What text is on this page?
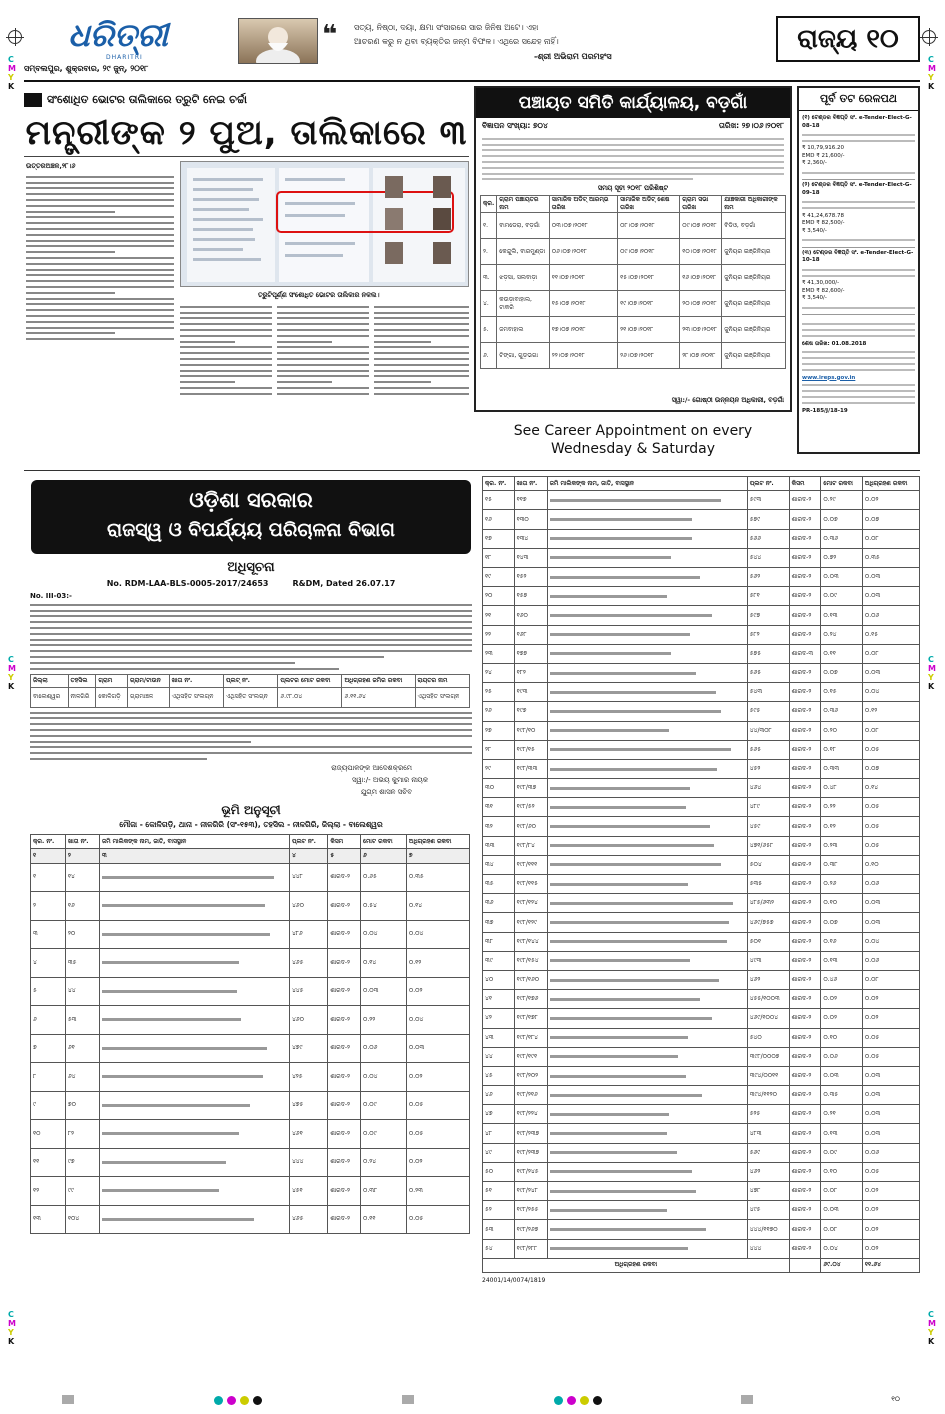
C
M
Y
K
C
M
Y
K
C
M
Y
K
C
M
Y
K
C
M
Y
K
C
M
Y
K
ଧରିତ୍ରୀ
DHARITRI
❝ ସତ୍ୟ, ନିଷ୍ଠା, ଦୟା, କ୍ଷମା ସଂସାରରେ ସାର ଜିନିଷ ଅଟେ। ଏହା
ଆଚରଣ କରୁ ନ ଥିବା ବ୍ୟକ୍ତିର ଜନ୍ମ ବିଫଳ। ଏଥିରେ ସନ୍ଦେହ ନାହିଁ।
-ଶ୍ରୀ ଅଭିରାମ ପରମହଂସ
ରାଜ୍ୟ ୧୦
ସମ୍ବଲପୁର, ଶୁକ୍ରବାର, ୨୯ ଜୁନ୍, ୨୦୧୮
ସଂଶୋଧିତ ଭୋଟର ତାଲିକାରେ ତ୍ରୁଟି ନେଇ ଚର୍ଚ୍ଚା
ମନ୍ତ୍ରୀଙ୍କ ୨ ପୁଅ, ତାଲିକାରେ ୩
ଉତ୍ତରଅଞ୍ଚଳ,୨୮।୬
ତ୍ରୁଟିପୂର୍ଣ୍ଣ ସଂଶୋଧିତ ଭୋଟର ତାଲିକାର ନକଲ।
ପଞ୍ଚାୟତ ସମିତି କାର୍ଯ୍ୟାଳୟ, ବଡ଼ଗାଁ
ବିଜ୍ଞାପନ ସଂଖ୍ୟା: ୭୦୪	ତାରିଖ: ୨୭।୦୬।୨୦୧୮
ସମୟ ସୂଚୀ ୨୦୧୮ ପରିଶିଷ୍ଟ
କ୍ର.	ଗ୍ରାମ ପଞ୍ଚାୟତର ନାମ	ସାମାଜିକ ଅଡିଟ୍ ଆରମ୍ଭ ତାରିଖ	ସାମାଜିକ ଅଡିଟ୍ ଶେଷ ତାରିଖ	ଗ୍ରାମ ସଭା ତାରିଖ	ଯାଞ୍ଚକାରୀ ଅଧିକାରୀଙ୍କ ନାମ
୧.	ବାମଡେରା, ବଡ଼ଗାଁ	୦୩।୦୭।୨୦୧୮	୦୮।୦୭।୨୦୧୮	୦୯।୦୭।୨୦୧୮	ବିଡିଓ, ବଡ଼ଗାଁ
୨.	କେନ୍ଦୁଲି, ବାରମୁଣ୍ଡା	୦୬।୦୭।୨୦୧୮	୦୯।୦୭।୨୦୧୮	୧୦।୦୭।୨୦୧୮	ଜୁନିୟର ଇଞ୍ଜିନିୟର
୩.	ଝଡ଼ସା, ସଲବାଡ଼ା	୧୧।୦୭।୨୦୧୮	୧୫।୦୭।୨୦୧୮	୧୬।୦୭।୨୦୧୮	ଜୁନିୟର ଇଞ୍ଜିନିୟର
୪.	କଉଡ଼ାବାହାଲ, ଟାକରି	୧୫।୦୭।୨୦୧୮	୧୯।୦୭।୨୦୧୮	୨୦।୦୭।୨୦୧୮	ଜୁନିୟର ଇଞ୍ଜିନିୟର
୫.	ଜମବାହାଲ	୧୭।୦୭।୨୦୧୮	୨୧।୦୭।୨୦୧୮	୨୩।୦୭।୨୦୧୮	ଜୁନିୟର ଇଞ୍ଜିନିୟର
୬.	ଟିଙ୍ଗା, ଗୁଡ଼ଭଗା	୨୨।୦୭।୨୦୧୮	୨୬।୦୭।୨୦୧୮	୨୮।୦୭।୨୦୧୮	ଜୁନିୟର ଇଞ୍ଜିନିୟର
ସ୍ୱା:/- ଗୋଷ୍ଠୀ ଉନ୍ନୟନ ଅଧିକାରୀ, ବଡ଼ଗାଁ
See Career Appointment on every
Wednesday & Saturday
ପୂର୍ବ ତଟ ରେଳପଥ
(୧) ଟେଣ୍ଡର ବିଜ୍ଞପ୍ତି ସଂ. e-Tender-Elect-G-08-18
₹ 10,79,916.20
EMD ₹ 21,600/-
₹ 2,360/-
(୨) ଟେଣ୍ଡର ବିଜ୍ଞପ୍ତି ସଂ. e-Tender-Elect-G-09-18
₹ 41,24,678.78
EMD ₹ 82,500/-
₹ 3,540/-
(୩) ଟେଣ୍ଡର ବିଜ୍ଞପ୍ତି ସଂ. e-Tender-Elect-G-10-18
₹ 41,30,000/-
EMD ₹ 82,600/-
₹ 3,540/-
ଶେଷ ତାରିଖ: 01.08.2018
www.ireps.gov.in
PR-185/J/18-19
ଓଡ଼ିଶା ସରକାର
ରାଜସ୍ୱ ଓ ବିପର୍ଯ୍ୟୟ ପରିଚାଳନା ବିଭାଗ
ଅଧିସୂଚନା
No. RDM-LAA-BLS-0005-2017/24653	R&DM, Dated 26.07.17
No. III-03:-
ଜିଲ୍ଲା	ତହସିଲ	ଗ୍ରାମ	ଗ୍ରାମ/ଟାଉନ	ଖାତା ନଂ.	ପ୍ଲଟ୍ ନଂ.	ପ୍ଲଟର ମୋଟ ରକବା	ଅଧିଗ୍ରହଣ ଜମିର ରକବା	ରାୟତର ନାମ
ବାଲେଶ୍ୱର	ନୀଳଗିରି	କୋଳିଗଡ଼ି	ଗ୍ରାମାଞ୍ଚଳ	ଏଥିସହିତ ସଂଲଗ୍ନ	ଏଥିସହିତ ସଂଲଗ୍ନ	୬.୯୮.୦୪	୬.୧୧.୬୪	ଏଥିସହିତ ସଂଲଗ୍ନ
ରାଜ୍ୟପାଳଙ୍କ ଆଦେଶକ୍ରମେ
ସ୍ୱା:/- ଅଭୟ କୁମାର ନାୟକ
ଯୁଗ୍ମ ଶାସନ ସଚିବ
ଭୂମି ଅନୁସୂଚୀ
ମୌଜା - କୋଳିଗଡ଼ି, ଥାନା - ନୀଳଗିରି (ସଂ-୧୫୩), ତହସିଲ - ନୀଳଗିରି, ଜିଲ୍ଲା - ବାଲେଶ୍ୱର
କ୍ର. ନଂ.	ଖାତା ନଂ.	ଜମି ମାଲିକଙ୍କ ନାମ, ଜାତି, ବାସସ୍ଥାନ	ପ୍ଲଟ ନଂ.	କିସମ	ମୋଟ ରକବା	ଅଧିଗ୍ରହଣ ରକବା
୧	୨	୩	୪	୫	୬	୭
୧	୧୪		୪୪୮	ଶାରଦ-୨	୦.୬୫	୦.୩୫
୨	୧୬		୪୬୦	ଶାରଦ-୨	୦.୫୪	୦.୧୪
୩	୨୦		୪୮୬	ଶାରଦ-୨	୦.୦୪	୦.୦୪
୪	୩୫		୪୬୫	ଶାରଦ-୨	୦.୧୪	୦.୧୨
୫	୪୪		୪୪୫	ଶାରଦ-୨	୦.୦୩	୦.୦୨
୬	୫୩		୪୬୦	ଶାରଦ-୨	୦.୨୨	୦.୦୪
୭	୬୧		୪୭୯	ଶାରଦ-୨	୦.୦୬	୦.୦୩
୮	୬୪		୪୨୫	ଶାରଦ-୨	୦.୦୪	୦.୦୨
୯	୭୦		୪୭୫	ଶାରଦ-୨	୦.୦୯	୦.୦୫
୧୦	୮୨		୪୬୧	ଶାରଦ-୨	୦.୦୯	୦.୦୫
୧୧	୯୭		୪୪୪	ଶାରଦ-୨	୦.୨୪	୦.୦୨
୧୨	୯୯		୪୫୧	ଶାରଦ-୨	୦.୩୮	୦.୨୩
୧୩	୧୦୪		୪୬୫	ଶାରଦ-୨	୦.୧୧	୦.୦୫
କ୍ର. ନଂ.	ଖାତା ନଂ.	ଜମି ମାଲିକଙ୍କ ନାମ, ଜାତି, ବାସସ୍ଥାନ	ପ୍ଲଟ ନଂ.	କିସମ	ମୋଟ ରକବା	ଅଧିଗ୍ରହଣ ରକବା
୧୫	୧୧୭		୫୯୩	ଶାରଦ-୨	୦.୨୯	୦.୦୨
୧୬	୧୩୦		୫୭୯	ଶାରଦ-୨	୦.୦୭	୦.୦୭
୧୭	୧୩୪		୫୬୬	ଶାରଦ-୨	୦.୩୬	୦.୦୮
୧୮	୧୪୩		୫୪୪	ଶାରଦ-୨	୦.୭୨	୦.୩୫
୧୯	୧୫୨		୫୬୨	ଶାରଦ-୨	୦.୦୩	୦.୦୩
୨୦	୧୫୭		୫୮୧	ଶାରଦ-୨	୦.୦୯	୦.୦୩
୨୧	୧୬୦		୫୯୭	ଶାରଦ-୨	୦.୧୩	୦.୦୬
୨୨	୧୬୮		୫୮୨	ଶାରଦ-୨	୦.୨୪	୦.୧୫
୨୩	୧୭୭		୫୭୫	ଶାରଦ-୩	୦.୧୧	୦.୦୮
୨୪	୧୮୨		୫୬୫	ଶାରଦ-୨	୦.୦୭	୦.୦୩
୨୫	୧୯୩		୫୪୩	ଶାରଦ-୨	୦.୧୫	୦.୦୪
୨୬	୧୯୭		୫୯୫	ଶାରଦ-୨	୦.୩୬	୦.୧୨
୨୭	୧୯୮/୧୦		୪୪/୩୦୮	ଶାରଦ-୨	୦.୨୦	୦.୦୮
୨୮	୧୯୮/୧୫		୫୬୫	ଶାରଦ-୨	୦.୧୮	୦.୦୫
୨୯	୧୯୮/୩୩		୪୫୨	ଶାରଦ-୨	୦.୩୩	୦.୦୭
୩୦	୧୯୮/୩୭		୪୬୪	ଶାରଦ-୨	୦.୪୮	୦.୧୪
୩୧	୧୯୮/୫୨		୪୮୯	ଶାରଦ-୨	୦.୨୨	୦.୦୫
୩୨	୧୯୮/୬୦		୪୫୯	ଶାରଦ-୨	୦.୧୨	୦.୦୫
୩୩	୧୯୮/୮୪		୪୭୧/୬୫୮	ଶାରଦ-୨	୦.୨୩	୦.୦୫
୩୪	୧୯୮/୧୧୧		୫୦୪	ଶାରଦ-୨	୦.୩୮	୦.୧୦
୩୫	୧୯୮/୧୧୫		୫୩୫	ଶାରଦ-୨	୦.୨୬	୦.୦୬
୩୬	୧୯୮/୧୨୪		୪୮୫/୬୩୨	ଶାରଦ-୨	୦.୧୦	୦.୦୩
୩୭	୧୯୮/୧୨୯		୪୬୯/୭୫୭	ଶାରଦ-୨	୦.୦୭	୦.୦୩
୩୮	୧୯୮/୧୪୪		୫୦୧	ଶାରଦ-୨	୦.୧୬	୦.୦୪
୩୯	୧୯୮/୧୫୪		୪୯୩	ଶାରଦ-୨	୦.୧୩	୦.୦୬
୪୦	୧୯୮/୧୬୦		୪୬୨	ଶାରଦ-୨	୦.୪୬	୦.୦୮
୪୧	୧୯୮/୧୭୬		୪୫୫/୧୦୦୩	ଶାରଦ-୨	୦.୦୨	୦.୦୨
୪୨	୧୯୮/୧୭୮		୪୬୯/୧୦୦୪	ଶାରଦ-୨	୦.୦୨	୦.୦୨
୪୩	୧୯୮/୧୮୪		୫୪୦	ଶାରଦ-୨	୦.୧୦	୦.୦୫
୪୪	୧୯୮/୧୯୧		୩୯୮/୦୦୦୭	ଶାରଦ-୨	୦.୦୬	୦.୦୫
୪୫	୧୯୮/୨୦୨		୩୯୪/୦୦୧୧	ଶାରଦ-୨	୦.୦୩	୦.୦୩
୪୬	୧୯୮/୨୧୬		୩୯୪/୧୧୨୦	ଶାରଦ-୨	୦.୩୫	୦.୦୩
୪୭	୧୯୮/୨୨୪		୫୨୫	ଶାରଦ-୨	୦.୨୧	୦.୦୩
୪୮	୧୯୮/୨୩୭		୪୮୩	ଶାରଦ-୨	୦.୧୩	୦.୦୩
୪୯	୧୯୮/୨୩୭		୫୬୯	ଶାରଦ-୨	୦.୦୯	୦.୦୬
୫୦	୧୯୮/୨୪୫		୪୬୨	ଶାରଦ-୨	୦.୧୦	୦.୦୫
୫୧	୧୯୮/୨୪୮		୪୭୮	ଶାରଦ-୨	୦.୦୮	୦.୦୨
୫୨	୧୯୮/୨୫୫		୪୯୫	ଶାରଦ-୨	୦.୦୩	୦.୦୨
୫୩	୧୯୮/୨୬୭		୪୪୪/୧୧୭୦	ଶାରଦ-୨	୦.୦୮	୦.୦୨
୫୪	୧୯୮/୨୮୮		୪୪୪	ଶାରଦ-୨	୦.୦୪	୦.୦୨
ଅଧିଗ୍ରହଣ ରକବା					୬୯.୦୪	୧୧.୬୪
24001/14/0074/1819
୧୦
